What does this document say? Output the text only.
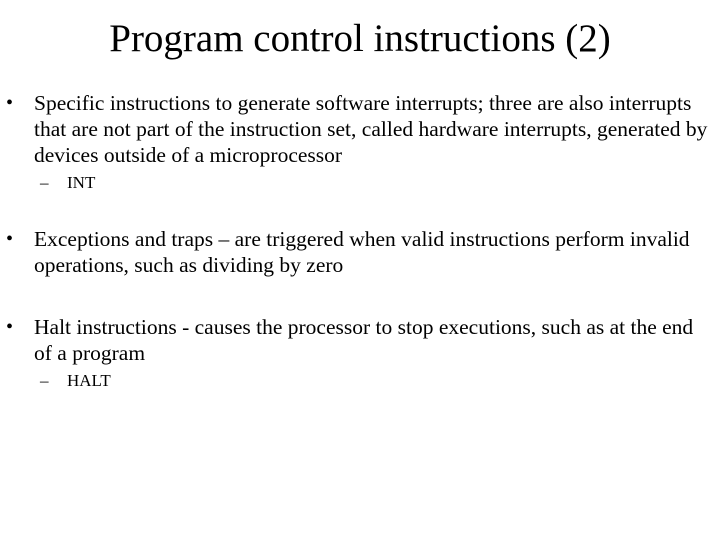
Program control instructions (2)
• Specific instructions to generate software interrupts; three are also interrupts that are not part of the instruction set, called hardware interrupts, generated by devices outside of a microprocessor
– INT
• Exceptions and traps – are triggered when valid instructions perform invalid operations, such as dividing by zero
• Halt instructions - causes the processor to stop executions, such as at the end of a program
– HALT
